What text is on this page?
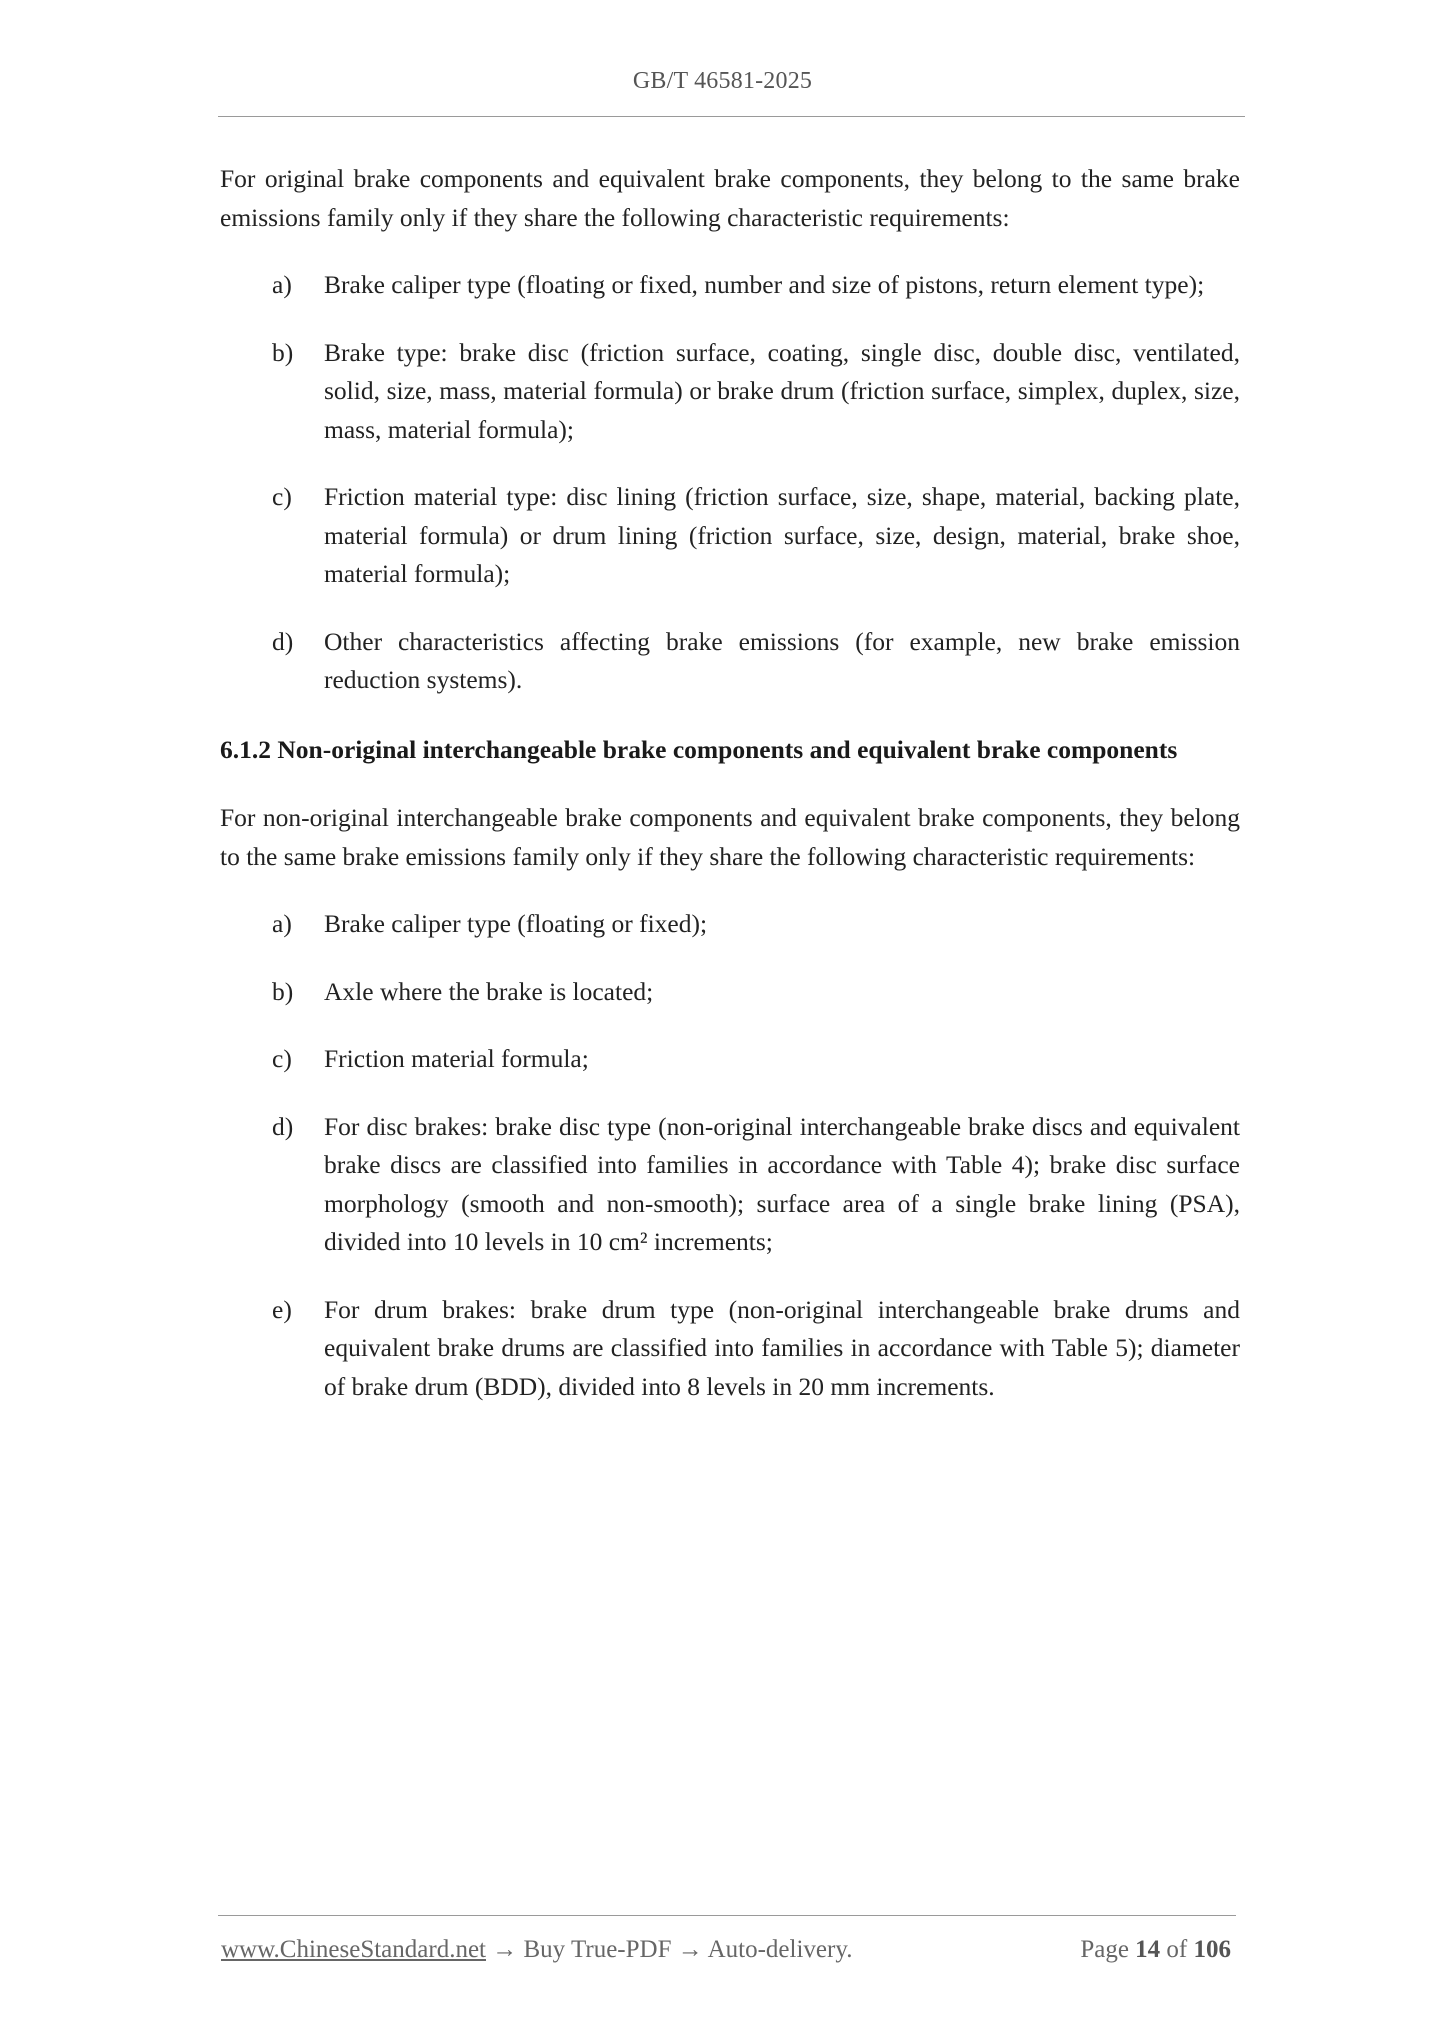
GB/T 46581-2025

For original brake components and equivalent brake components, they belong to the same brake emissions family only if they share the following characteristic requirements:

a) Brake caliper type (floating or fixed, number and size of pistons, return element type);
b) Brake type: brake disc (friction surface, coating, single disc, double disc, ventilated, solid, size, mass, material formula) or brake drum (friction surface, simplex, duplex, size, mass, material formula);
c) Friction material type: disc lining (friction surface, size, shape, material, backing plate, material formula) or drum lining (friction surface, size, design, material, brake shoe, material formula);
d) Other characteristics affecting brake emissions (for example, new brake emission reduction systems).
6.1.2 Non-original interchangeable brake components and equivalent brake components

For non-original interchangeable brake components and equivalent brake components, they belong to the same brake emissions family only if they share the following characteristic requirements:

a) Brake caliper type (floating or fixed);
b) Axle where the brake is located;
c) Friction material formula;
d) For disc brakes: brake disc type (non-original interchangeable brake discs and equivalent brake discs are classified into families in accordance with Table 4); brake disc surface morphology (smooth and non-smooth); surface area of a single brake lining (PSA), divided into 10 levels in 10 cm² increments;
e) For drum brakes: brake drum type (non-original interchangeable brake drums and equivalent brake drums are classified into families in accordance with Table 5); diameter of brake drum (BDD), divided into 8 levels in 20 mm increments.
www.ChineseStandard.net → Buy True-PDF → Auto-delivery.	Page 14 of 106
